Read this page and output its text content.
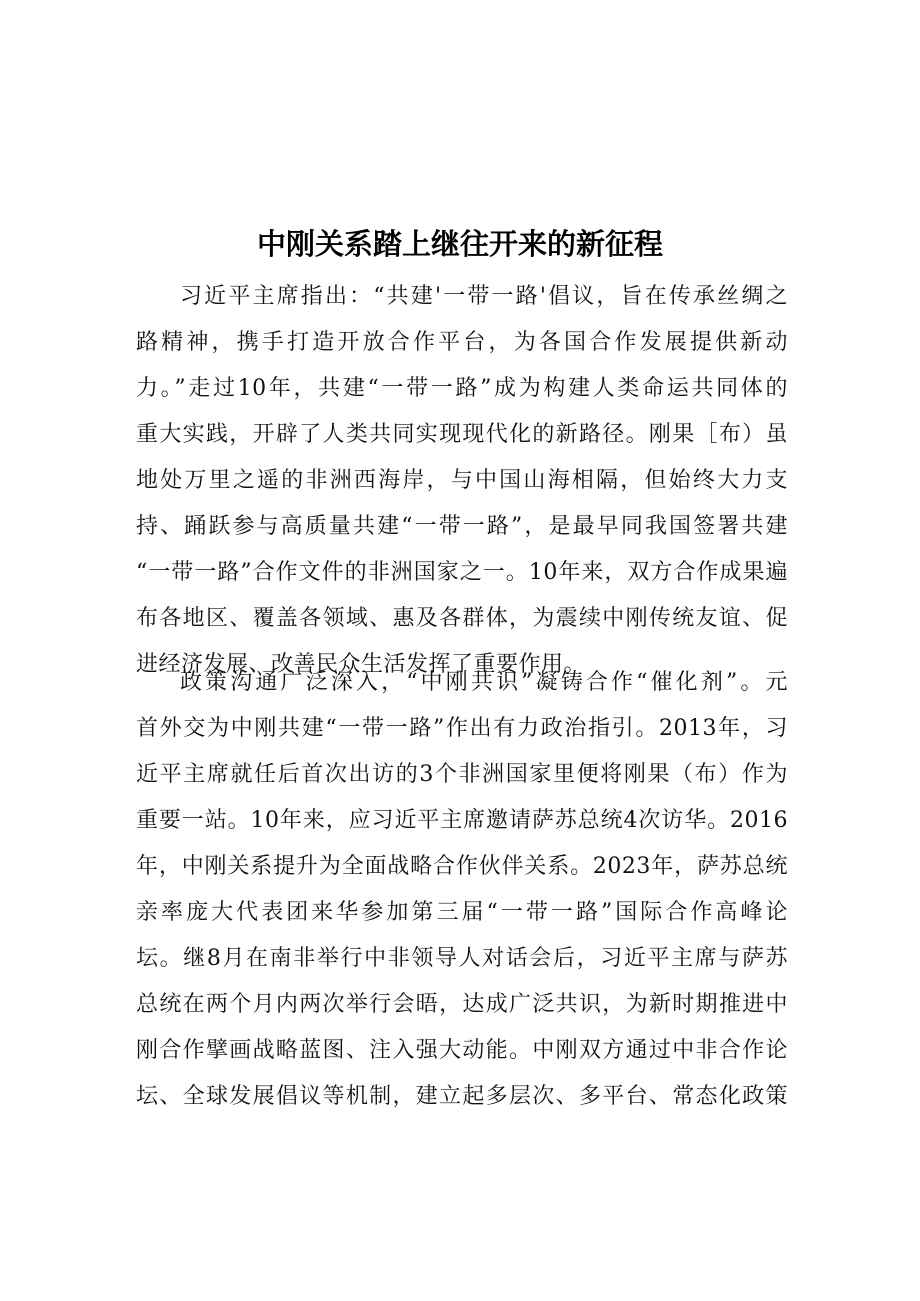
中刚关系踏上继往开来的新征程
习近平主席指出：“共建'一带一路'倡议，旨在传承丝绸之
路精神，携手打造开放合作平台，为各国合作发展提供新动
力。”走过10年，共建“一带一路”成为构建人类命运共同体的
重大实践，开辟了人类共同实现现代化的新路径。刚果［布）虽
地处万里之遥的非洲西海岸，与中国山海相隔，但始终大力支
持、踊跃参与高质量共建“一带一路”，是最早同我国签署共建
“一带一路”合作文件的非洲国家之一。10年来，双方合作成果遍
布各地区、覆盖各领域、惠及各群体，为震续中刚传统友谊、促
进经济发展、改善民众生活发挥了重要作用。
政策沟通广泛深入，“中刚共识”凝铸合作“催化剂”。元
首外交为中刚共建“一带一路”作出有力政治指引。2013年，习
近平主席就任后首次出访的3个非洲国家里便将刚果（布）作为
重要一站。10年来，应习近平主席邀请萨苏总统4次访华。2016
年，中刚关系提升为全面战略合作伙伴关系。2023年，萨苏总统
亲率庞大代表团来华参加第三届“一带一路”国际合作高峰论
坛。继8月在南非举行中非领导人对话会后，习近平主席与萨苏
总统在两个月内两次举行会晤，达成广泛共识，为新时期推进中
刚合作擘画战略蓝图、注入强大动能。中刚双方通过中非合作论
坛、全球发展倡议等机制，建立起多层次、多平台、常态化政策
